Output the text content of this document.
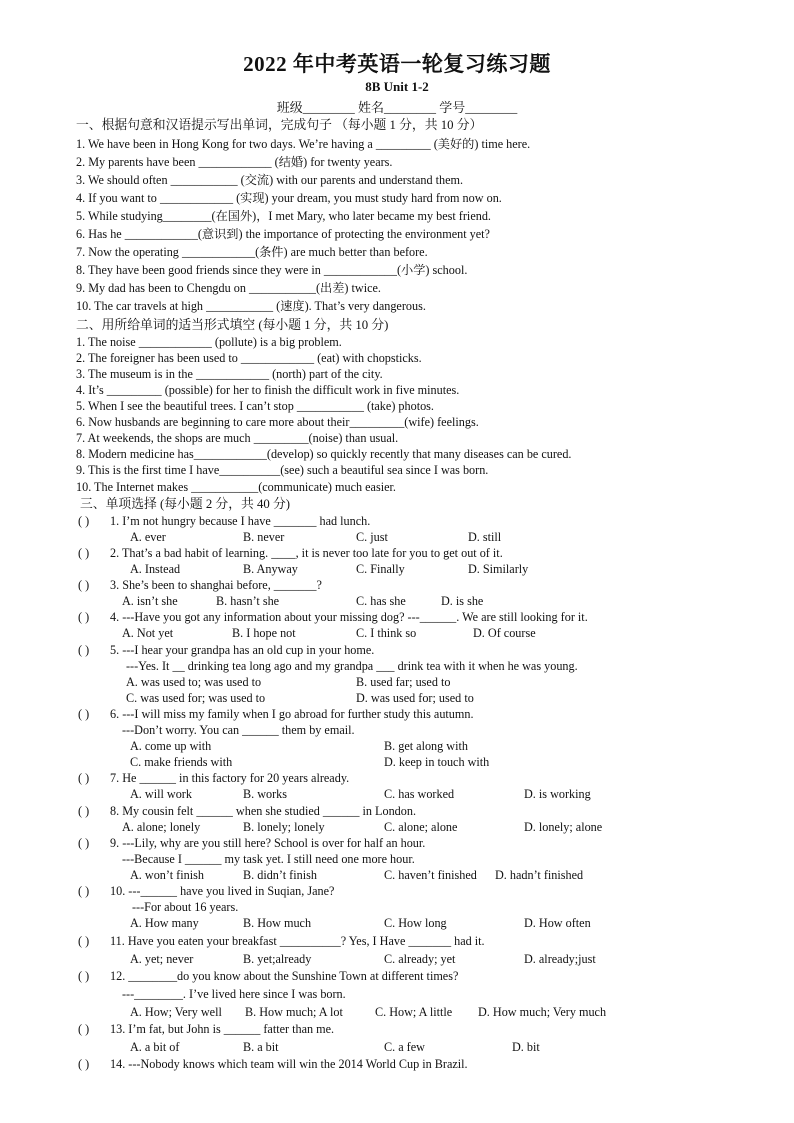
2022 年中考英语一轮复习练习题
8B Unit 1-2
班级________ 姓名________ 学号________
一、根据句意和汉语提示写出单词，完成句子 （每小题 1 分，共 10 分）
1. We have been in Hong Kong for two days. We’re having a _________ (美好的) time here.
2. My parents have been ____________ (结婚) for twenty years.
3. We should often ___________ (交流) with our parents and understand them.
4. If you want to ____________ (实现) your dream, you must study hard from now on.
5. While studying________(在国外)，I met Mary, who later became my best friend.
6. Has he ____________(意识到) the importance of protecting the environment yet?
7. Now the operating ____________(条件) are much better than before.
8. They have been good friends since they were in ____________(小学) school.
9. My dad has been to Chengdu on ___________(出差) twice.
10. The car travels at high ___________ (速度). That’s very dangerous.
二、用所给单词的适当形式填空 (每小题 1 分，共 10 分)
1. The noise ____________ (pollute) is a big problem.
2. The foreigner has been used to ____________ (eat) with chopsticks.
3. The museum is in the ____________ (north) part of the city.
4. It’s _________ (possible) for her to finish the difficult work in five minutes.
5. When I see the beautiful trees. I can’t stop ___________ (take) photos.
6. Now husbands are beginning to care more about their_________(wife) feelings.
7. At weekends, the shops are much _________(noise) than usual.
8. Modern medicine has____________(develop) so quickly recently that many diseases can be cured.
9. This is the first time I have__________(see) such a beautiful sea since I was born.
10. The Internet makes ___________(communicate) much easier.
三、单项选择 (每小题 2 分，共 40 分)
( ) 1. I’m not hungry because I have _______ had lunch.
A. ever	B. never	C. just	D. still
( ) 2. That’s a bad habit of learning. ____, it is never too late for you to get out of it.
A. Instead	B. Anyway	C. Finally	D. Similarly
( ) 3. She’s been to shanghai before, _______?
A. isn’t she	B. hasn’t she	C. has she	D. is she
( ) 4. ---Have you got any information about your missing dog? ---______. We are still looking for it.
A. Not yet	B. I hope not	C. I think so	D. Of course
( ) 5. ---I hear your grandpa has an old cup in your home.
---Yes. It __ drinking tea long ago and my grandpa ___ drink tea with it when he was young.
A. was used to; was used to	B. used far; used to
C. was used for; was used to	D. was used for; used to
( ) 6. ---I will miss my family when I go abroad for further study this autumn.
---Don’t worry. You can ______ them by email.
A. come up with	B. get along with
C. make friends with	D. keep in touch with
( ) 7. He ______ in this factory for 20 years already.
A. will work	B. works	C. has worked	D. is working
( ) 8. My cousin felt ______ when she studied ______ in London.
A. alone; lonely	B. lonely; lonely	C. alone; alone	D. lonely; alone
( ) 9. ---Lily, why are you still here? School is over for half an hour.
---Because I ______ my task yet. I still need one more hour.
A. won’t finish	B. didn’t finish	C. haven’t finished D. hadn’t finished
( ) 10. ---______ have you lived in Suqian, Jane?
---For about 16 years.
A. How many	B. How much	C. How long	D. How often
( ) 11. Have you eaten your breakfast __________? Yes, I Have _______ had it.
A. yet; never	B. yet;already	C. already; yet	D. already;just
( ) 12. ________do you know about the Sunshine Town at different times?
---________. I’ve lived here since I was born.
A. How; Very well B. How much; A lot	C. How; A little D. How much; Very much
( ) 13. I’m fat, but John is ______ fatter than me.
A. a bit of	B. a bit	C. a few	D. bit
( ) 14. ---Nobody knows which team will win the 2014 World Cup in Brazil.
